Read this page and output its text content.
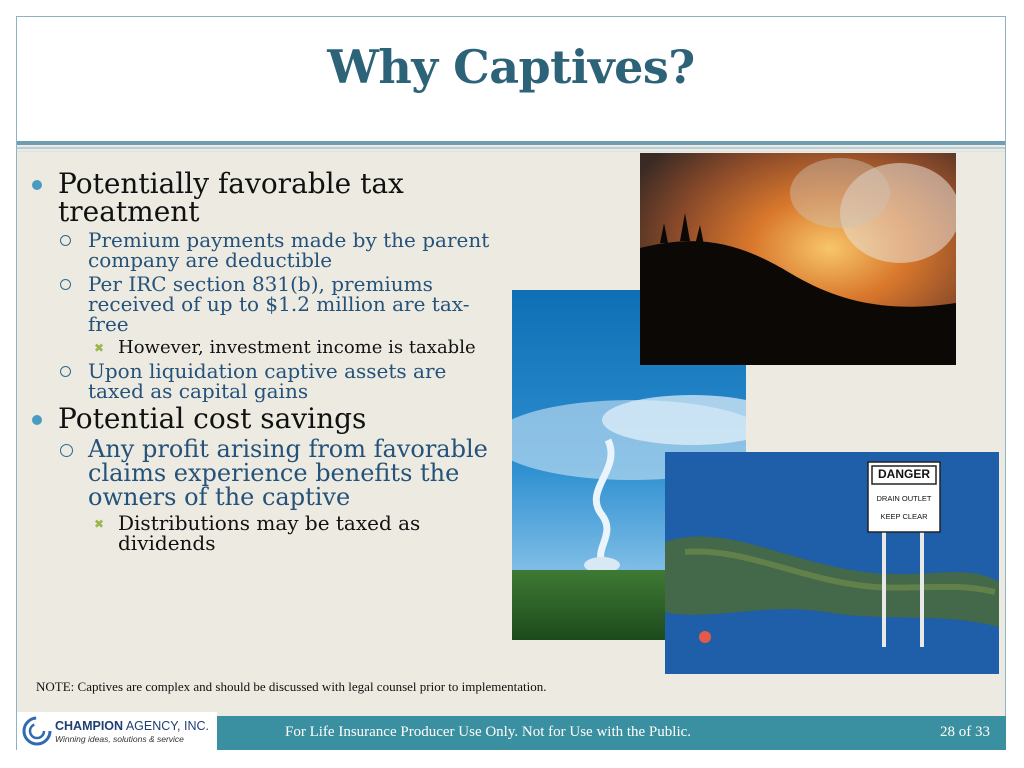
Why Captives?
Potentially favorable tax treatment
Premium payments made by the parent company are deductible
Per IRC section 831(b), premiums received of up to $1.2 million are tax-free
✖ However, investment income is taxable
Upon liquidation captive assets are taxed as capital gains
Potential cost savings
Any profit arising from favorable claims experience benefits the owners of the captive
✖ Distributions may be taxed as dividends
DANGER
DRAIN OUTLET
KEEP CLEAR
NOTE: Captives are complex and should be discussed with legal counsel prior to implementation.
CHAMPION AGENCY, INC.
Winning ideas, solutions & service	For Life Insurance Producer Use Only. Not for Use with the Public.	28 of 33
